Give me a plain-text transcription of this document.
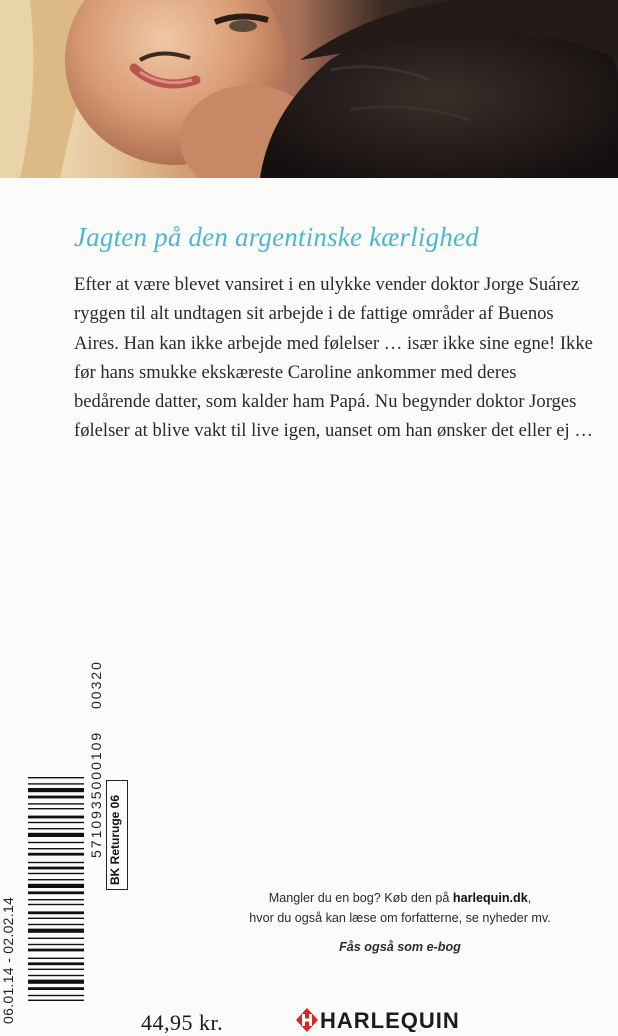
Jagten på den argentinske kærlighed

Efter at være blevet vansiret i en ulykke vender doktor Jorge Suárez ryggen til alt undtagen sit arbejde i de fattige områder af Buenos Aires. Han kan ikke arbejde med følelser … især ikke sine egne! Ikke før hans smukke ekskæreste Caroline ankommer med deres bedårende datter, som kalder ham Papá. Nu begynder doktor Jorges følelser at blive vakt til live igen, uanset om han ønsker det eller ej …

06.01.14 - 02.02.14
5710935000109  00320
BK Returuge 06
Mangler du en bog? Køb den på harlequin.dk,
hvor du også kan læse om forfatterne, se nyheder mv.
Fås også som e-bog
44,95 kr.	HARLEQUIN
